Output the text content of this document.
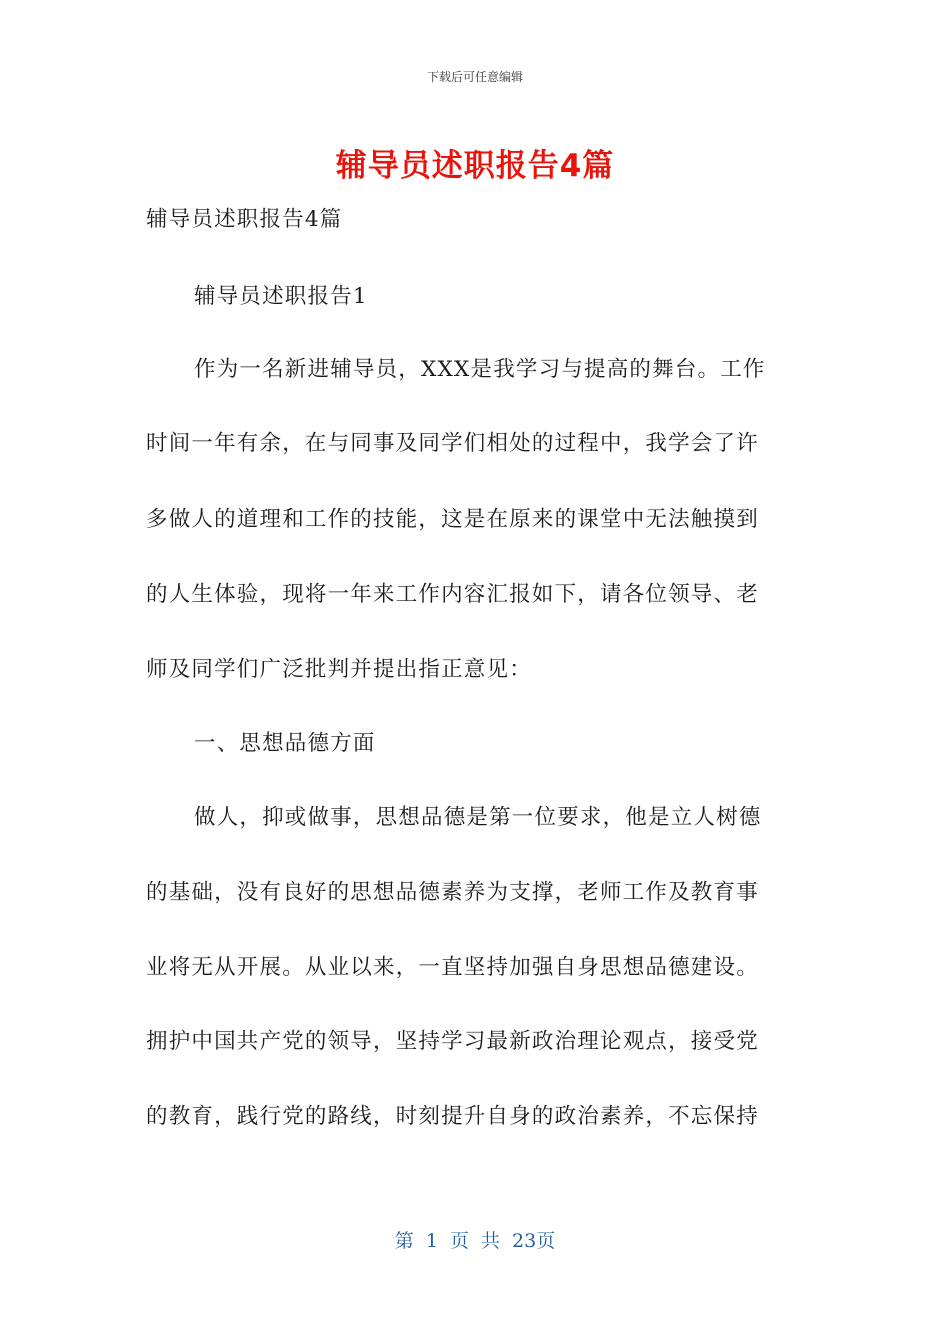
下载后可任意编辑
辅导员述职报告4篇
辅导员述职报告4篇
辅导员述职报告1
作为一名新进辅导员，XXX是我学习与提高的舞台。工作
时间一年有余，在与同事及同学们相处的过程中，我学会了许
多做人的道理和工作的技能，这是在原来的课堂中无法触摸到
的人生体验，现将一年来工作内容汇报如下，请各位领导、老
师及同学们广泛批判并提出指正意见：
一、思想品德方面
做人，抑或做事，思想品德是第一位要求，他是立人树德
的基础，没有良好的思想品德素养为支撑，老师工作及教育事
业将无从开展。从业以来，一直坚持加强自身思想品德建设。
拥护中国共产党的领导，坚持学习最新政治理论观点，接受党
的教育，践行党的路线，时刻提升自身的政治素养，不忘保持
第 1 页 共 23页
